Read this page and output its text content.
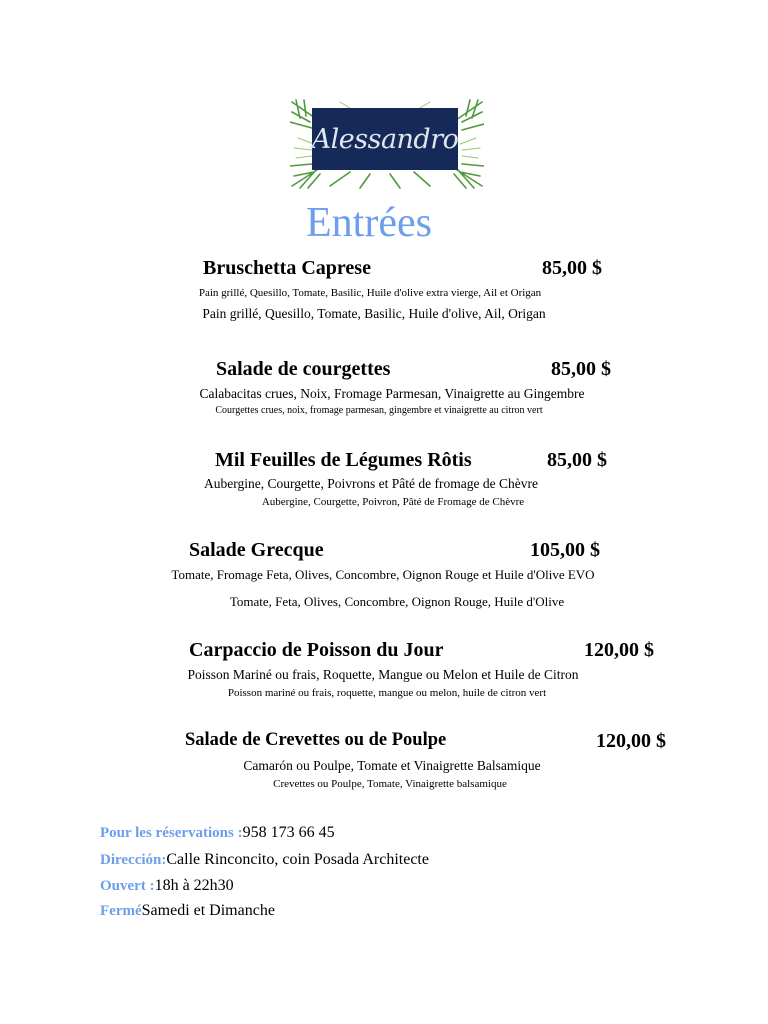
Alessandro
Entrées
Bruschetta Caprese	85,00 $
Pain grillé, Quesillo, Tomate, Basilic, Huile d'olive extra vierge, Ail et Origan
Pain grillé, Quesillo, Tomate, Basilic, Huile d'olive, Ail, Origan
Salade de courgettes	85,00 $
Calabacitas crues, Noix, Fromage Parmesan, Vinaigrette au Gingembre
Courgettes crues, noix, fromage parmesan, gingembre et vinaigrette au citron vert
Mil Feuilles de Légumes Rôtis	85,00 $
Aubergine, Courgette, Poivrons et Pâté de fromage de Chèvre
Aubergine, Courgette, Poivron, Pâté de Fromage de Chèvre
Salade Grecque	105,00 $
Tomate, Fromage Feta, Olives, Concombre, Oignon Rouge et Huile d'Olive EVO
Tomate, Feta, Olives, Concombre, Oignon Rouge, Huile d'Olive
Carpaccio de Poisson du Jour	120,00 $
Poisson Mariné ou frais, Roquette, Mangue ou Melon et Huile de Citron
Poisson mariné ou frais, roquette, mangue ou melon, huile de citron vert
Salade de Crevettes ou de Poulpe	120,00 $
Camarón ou Poulpe, Tomate et Vinaigrette Balsamique
Crevettes ou Poulpe, Tomate, Vinaigrette balsamique
Pour les réservations :958 173 66 45
Dirección:Calle Rinconcito, coin Posada Architecte
Ouvert :18h à 22h30
FerméSamedi et Dimanche
